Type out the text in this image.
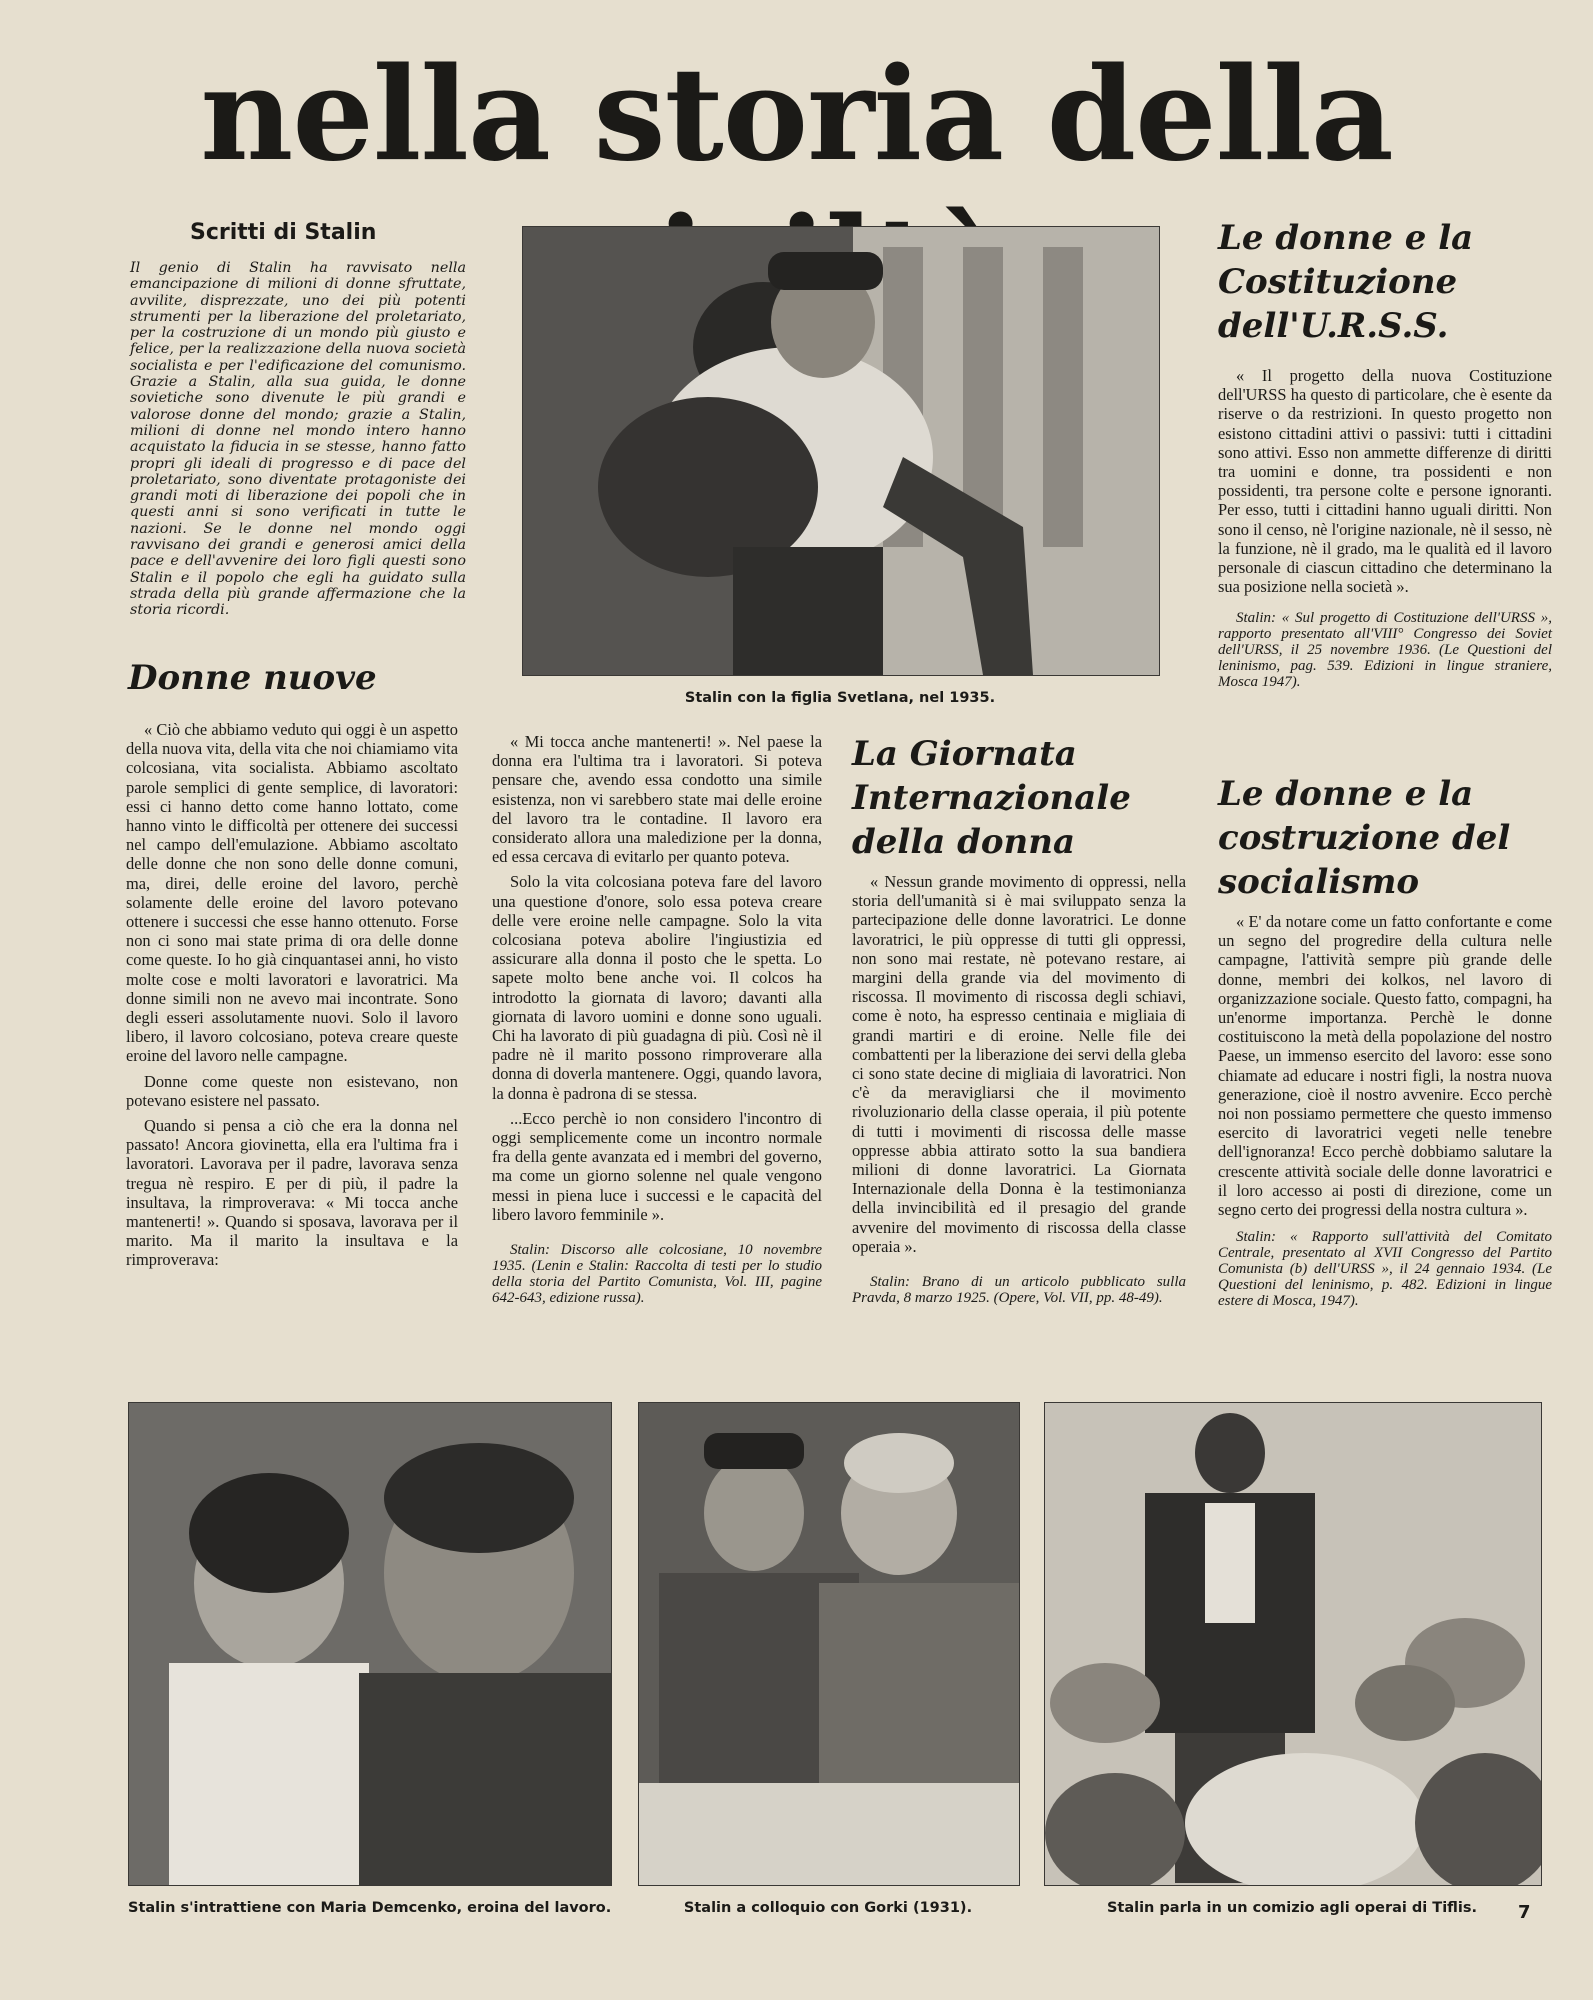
nella storia della
Scritti di Stalin
Il genio di Stalin ha ravvisato nella emancipazione di milioni di donne sfruttate, avvilite, disprezzate, uno dei più potenti strumenti per la liberazione del proletariato, per la costruzione di un mondo più giusto e felice, per la realizzazione della nuova società socialista e per l'edificazione del comunismo. Grazie a Stalin, alla sua guida, le donne sovietiche sono divenute le più grandi e valorose donne del mondo; grazie a Stalin, milioni di donne nel mondo intero hanno acquistato la fiducia in se stesse, hanno fatto propri gli ideali di progresso e di pace del proletariato, sono diventate protagoniste dei grandi moti di liberazione dei popoli che in questi anni si sono verificati in tutte le nazioni. Se le donne nel mondo oggi ravvisano dei grandi e generosi amici della pace e dell'avvenire dei loro figli questi sono Stalin e il popolo che egli ha guidato sulla strada della più grande affermazione che la storia ricordi.
Stalin con la figlia Svetlana, nel 1935.
Donne nuove

« Ciò che abbiamo veduto qui oggi è un aspetto della nuova vita, della vita che noi chiamiamo vita colcosiana, vita socialista. Abbiamo ascoltato parole semplici di gente semplice, di lavoratori: essi ci hanno detto come hanno lottato, come hanno vinto le difficoltà per ottenere dei successi nel campo dell'emulazione. Abbiamo ascoltato delle donne che non sono delle donne comuni, ma, direi, delle eroine del lavoro, perchè solamente delle eroine del lavoro potevano ottenere i successi che esse hanno ottenuto. Forse non ci sono mai state prima di ora delle donne come queste. Io ho già cinquantasei anni, ho visto molte cose e molti lavoratori e lavoratrici. Ma donne simili non ne avevo mai incontrate. Sono degli esseri assolutamente nuovi. Solo il lavoro libero, il lavoro colcosiano, poteva creare queste eroine del lavoro nelle campagne.

Donne come queste non esistevano, non potevano esistere nel passato.

Quando si pensa a ciò che era la donna nel passato! Ancora giovinetta, ella era l'ultima fra i lavoratori. Lavorava per il padre, lavorava senza tregua nè respiro. E per di più, il padre la insultava, la rimproverava: « Mi tocca anche mantenerti! ». Quando si sposava, lavorava per il marito. Ma il marito la insultava e la rimproverava:

« Mi tocca anche mantenerti! ». Nel paese la donna era l'ultima tra i lavoratori. Si poteva pensare che, avendo essa condotto una simile esistenza, non vi sarebbero state mai delle eroine del lavoro tra le contadine. Il lavoro era considerato allora una maledizione per la donna, ed essa cercava di evitarlo per quanto poteva.

Solo la vita colcosiana poteva fare del lavoro una questione d'onore, solo essa poteva creare delle vere eroine nelle campagne. Solo la vita colcosiana poteva abolire l'ingiustizia ed assicurare alla donna il posto che le spetta. Lo sapete molto bene anche voi. Il colcos ha introdotto la giornata di lavoro; davanti alla giornata di lavoro uomini e donne sono uguali. Chi ha lavorato di più guadagna di più. Così nè il padre nè il marito possono rimproverare alla donna di doverla mantenere. Oggi, quando lavora, la donna è padrona di se stessa.

...Ecco perchè io non considero l'incontro di oggi semplicemente come un incontro normale fra della gente avanzata ed i membri del governo, ma come un giorno solenne nel quale vengono messi in piena luce i successi e le capacità del libero lavoro femminile ».

Stalin: Discorso alle colcosiane, 10 novembre 1935. (Lenin e Stalin: Raccolta di testi per lo studio della storia del Partito Comunista, Vol. III, pagine 642-643, edizione russa).
La Giornata Internazionale della donna

« Nessun grande movimento di oppressi, nella storia dell'umanità si è mai sviluppato senza la partecipazione delle donne lavoratrici. Le donne lavoratrici, le più oppresse di tutti gli oppressi, non sono mai restate, nè potevano restare, ai margini della grande via del movimento di riscossa. Il movimento di riscossa degli schiavi, come è noto, ha espresso centinaia e migliaia di grandi martiri e di eroine. Nelle file dei combattenti per la liberazione dei servi della gleba ci sono state decine di migliaia di lavoratrici. Non c'è da meravigliarsi che il movimento rivoluzionario della classe operaia, il più potente di tutti i movimenti di riscossa delle masse oppresse abbia attirato sotto la sua bandiera milioni di donne lavoratrici. La Giornata Internazionale della Donna è la testimonianza della invincibilità ed il presagio del grande avvenire del movimento di riscossa della classe operaia ».

Stalin: Brano di un articolo pubblicato sulla Pravda, 8 marzo 1925. (Opere, Vol. VII, pp. 48-49).
Le donne e la Costituzione dell'U.R.S.S.

« Il progetto della nuova Costituzione dell'URSS ha questo di particolare, che è esente da riserve o da restrizioni. In questo progetto non esistono cittadini attivi o passivi: tutti i cittadini sono attivi. Esso non ammette differenze di diritti tra uomini e donne, tra possidenti e non possidenti, tra persone colte e persone ignoranti. Per esso, tutti i cittadini hanno uguali diritti. Non sono il censo, nè l'origine nazionale, nè il sesso, nè la funzione, nè il grado, ma le qualità ed il lavoro personale di ciascun cittadino che determinano la sua posizione nella società ».

Stalin: « Sul progetto di Costituzione dell'URSS », rapporto presentato all'VIII° Congresso dei Soviet dell'URSS, il 25 novembre 1936. (Le Questioni del leninismo, pag. 539. Edizioni in lingue straniere, Mosca 1947).
Le donne e la costruzione del socialismo

« E' da notare come un fatto confortante e come un segno del progredire della cultura nelle campagne, l'attività sempre più grande delle donne, membri dei kolkos, nel lavoro di organizzazione sociale. Questo fatto, compagni, ha un'enorme importanza. Perchè le donne costituiscono la metà della popolazione del nostro Paese, un immenso esercito del lavoro: esse sono chiamate ad educare i nostri figli, la nostra nuova generazione, cioè il nostro avvenire. Ecco perchè noi non possiamo permettere che questo immenso esercito di lavoratrici vegeti nelle tenebre dell'ignoranza! Ecco perchè dobbiamo salutare la crescente attività sociale delle donne lavoratrici e il loro accesso ai posti di direzione, come un segno certo dei progressi della nostra cultura ».

Stalin: « Rapporto sull'attività del Comitato Centrale, presentato al XVII Congresso del Partito Comunista (b) dell'URSS », il 24 gennaio 1934. (Le Questioni del leninismo, p. 482. Edizioni in lingue estere di Mosca, 1947).
Stalin s'intrattiene con Maria Demcenko, eroina del lavoro.	Stalin a colloquio con Gorki (1931).	Stalin parla in un comizio agli operai di Tiflis.	7
